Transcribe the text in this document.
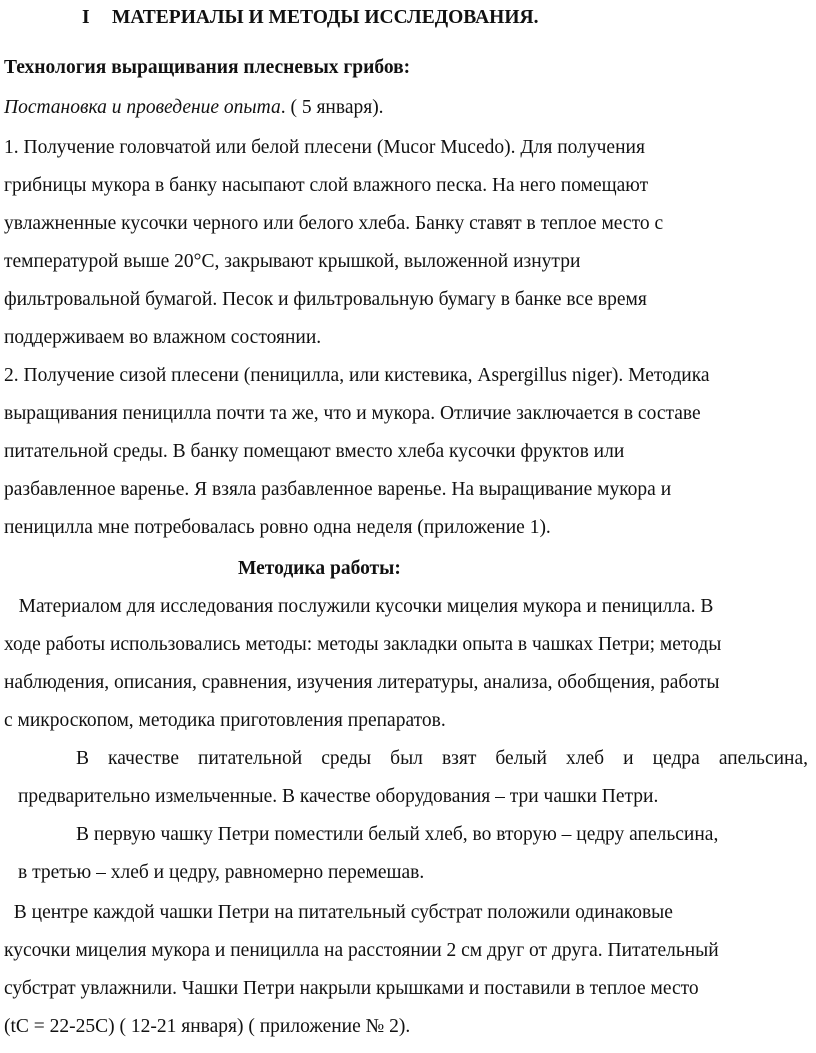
I МАТЕРИАЛЫ И МЕТОДЫ ИССЛЕДОВАНИЯ.
Технология выращивания плесневых грибов:
Постановка и проведение опыта. ( 5 января).
1. Получение головчатой или белой плесени (Mucor Mucedo). Для получения
грибницы мукора в банку насыпают слой влажного песка. На него помещают
увлажненные кусочки черного или белого хлеба. Банку ставят в теплое место с
температурой выше 20°С, закрывают крышкой, выложенной изнутри
фильтровальной бумагой. Песок и фильтровальную бумагу в банке все время
поддерживаем во влажном состоянии.
2. Получение сизой плесени (пеницилла, или кистевика, Aspergillus niger). Методика
выращивания пеницилла почти та же, что и мукора. Отличие заключается в составе
питательной среды. В банку помещают вместо хлеба кусочки фруктов или
разбавленное варенье. Я взяла разбавленное варенье. На выращивание мукора и
пеницилла мне потребовалась ровно одна неделя (приложение 1).
Методика работы:
Материалом для исследования послужили кусочки мицелия мукора и пеницилла. В
ходе работы использовались методы: методы закладки опыта в чашках Петри; методы
наблюдения, описания, сравнения, изучения литературы, анализа, обобщения, работы
с микроскопом, методика приготовления препаратов.
В качестве питательной среды был взят белый хлеб и цедра апельсина,
предварительно измельченные. В качестве оборудования – три чашки Петри.
В первую чашку Петри поместили белый хлеб, во вторую – цедру апельсина,
в третью – хлеб и цедру, равномерно перемешав.
В центре каждой чашки Петри на питательный субстрат положили одинаковые
кусочки мицелия мукора и пеницилла на расстоянии 2 см друг от друга. Питательный
субстрат увлажнили. Чашки Петри накрыли крышками и поставили в теплое место
(tC = 22-25C) ( 12-21 января) ( приложение № 2).
